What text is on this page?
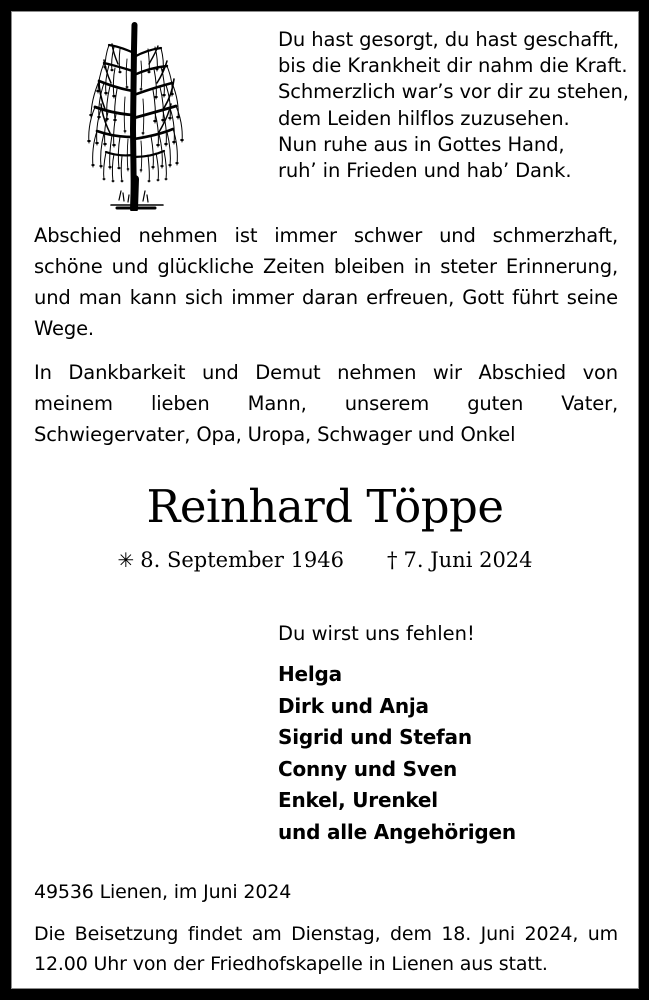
Du hast gesorgt, du hast geschafft,
bis die Krankheit dir nahm die Kraft.
Schmerzlich war’s vor dir zu stehen,
dem Leiden hilflos zuzusehen.
Nun ruhe aus in Gottes Hand,
ruh’ in Frieden und hab’ Dank.

Abschied nehmen ist immer schwer und schmerzhaft, schöne und glückliche Zeiten bleiben in steter Erinnerung, und man kann sich immer daran erfreuen, Gott führt seine Wege.

In Dankbarkeit und Demut nehmen wir Abschied von meinem lieben Mann, unserem guten Vater, Schwiegervater, Opa, Uropa, Schwager und Onkel

Reinhard Töppe
✳ 8. September 1946 † 7. Juni 2024
Du wirst uns fehlen!
Helga
Dirk und Anja
Sigrid und Stefan
Conny und Sven
Enkel, Urenkel
und alle Angehörigen

49536 Lienen, im Juni 2024

Die Beisetzung findet am Dienstag, dem 18. Juni 2024, um 12.00 Uhr von der Friedhofskapelle in Lienen aus statt.
